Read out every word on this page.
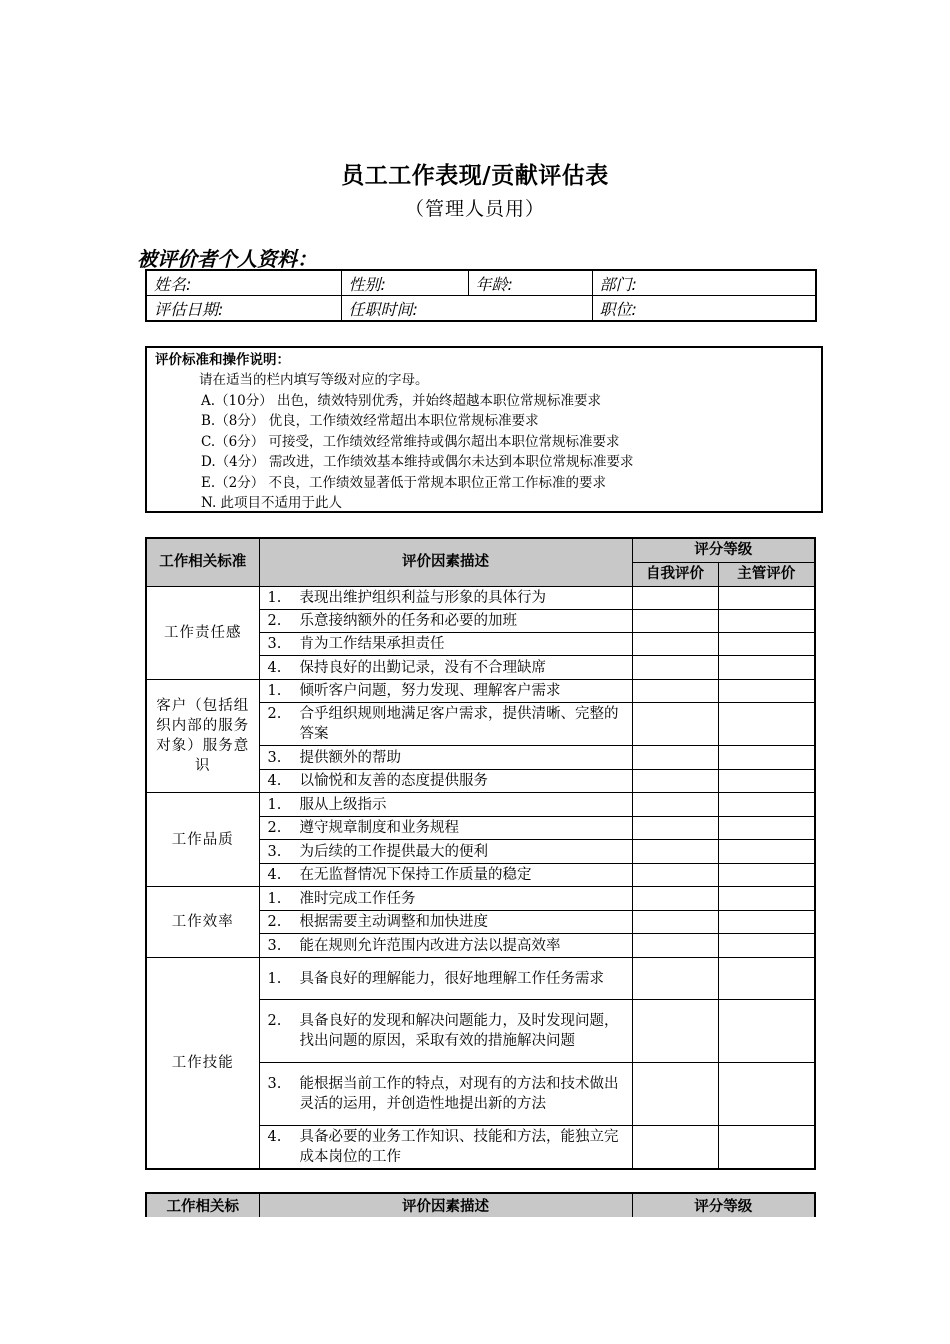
员工工作表现/贡献评估表
（管理人员用）
被评价者个人资料：
姓名:	性别:	年龄:	部门:
评估日期:	任职时间:		职位:
评价标准和操作说明：
请在适当的栏内填写等级对应的字母。
A.（10分） 出色，绩效特别优秀，并始终超越本职位常规标准要求
B.（8分） 优良，工作绩效经常超出本职位常规标准要求
C.（6分） 可接受，工作绩效经常维持或偶尔超出本职位常规标准要求
D.（4分） 需改进，工作绩效基本维持或偶尔未达到本职位常规标准要求
E.（2分） 不良，工作绩效显著低于常规本职位正常工作标准的要求
N. 此项目不适用于此人
工作相关标准	评价因素描述	评分等级	
		自我评价	主管评价
工作责任感	1. 表现出维护组织利益与形象的具体行为		

	2. 乐意接纳额外的任务和必要的加班		

	3. 肯为工作结果承担责任		

	4. 保持良好的出勤记录，没有不合理缺席		

客户（包括组织内部的服务对象）服务意识	1. 倾听客户问题，努力发现、理解客户需求		

	2. 合乎组织规则地满足客户需求，提供清晰、完整的答案		

	3. 提供额外的帮助		

	4. 以愉悦和友善的态度提供服务		

工作品质	1. 服从上级指示		

	2. 遵守规章制度和业务规程		

	3. 为后续的工作提供最大的便利		

	4. 在无监督情况下保持工作质量的稳定		

工作效率	1. 准时完成工作任务		

	2. 根据需要主动调整和加快进度		

	3. 能在规则允许范围内改进方法以提高效率		

工作技能	1. 具备良好的理解能力，很好地理解工作任务需求		

	2. 具备良好的发现和解决问题能力，及时发现问题，找出问题的原因，采取有效的措施解决问题		

	3. 能根据当前工作的特点，对现有的方法和技术做出灵活的运用，并创造性地提出新的方法		

	4. 具备必要的业务工作知识、技能和方法，能独立完成本岗位的工作		

工作相关标	评价因素描述	评分等级
